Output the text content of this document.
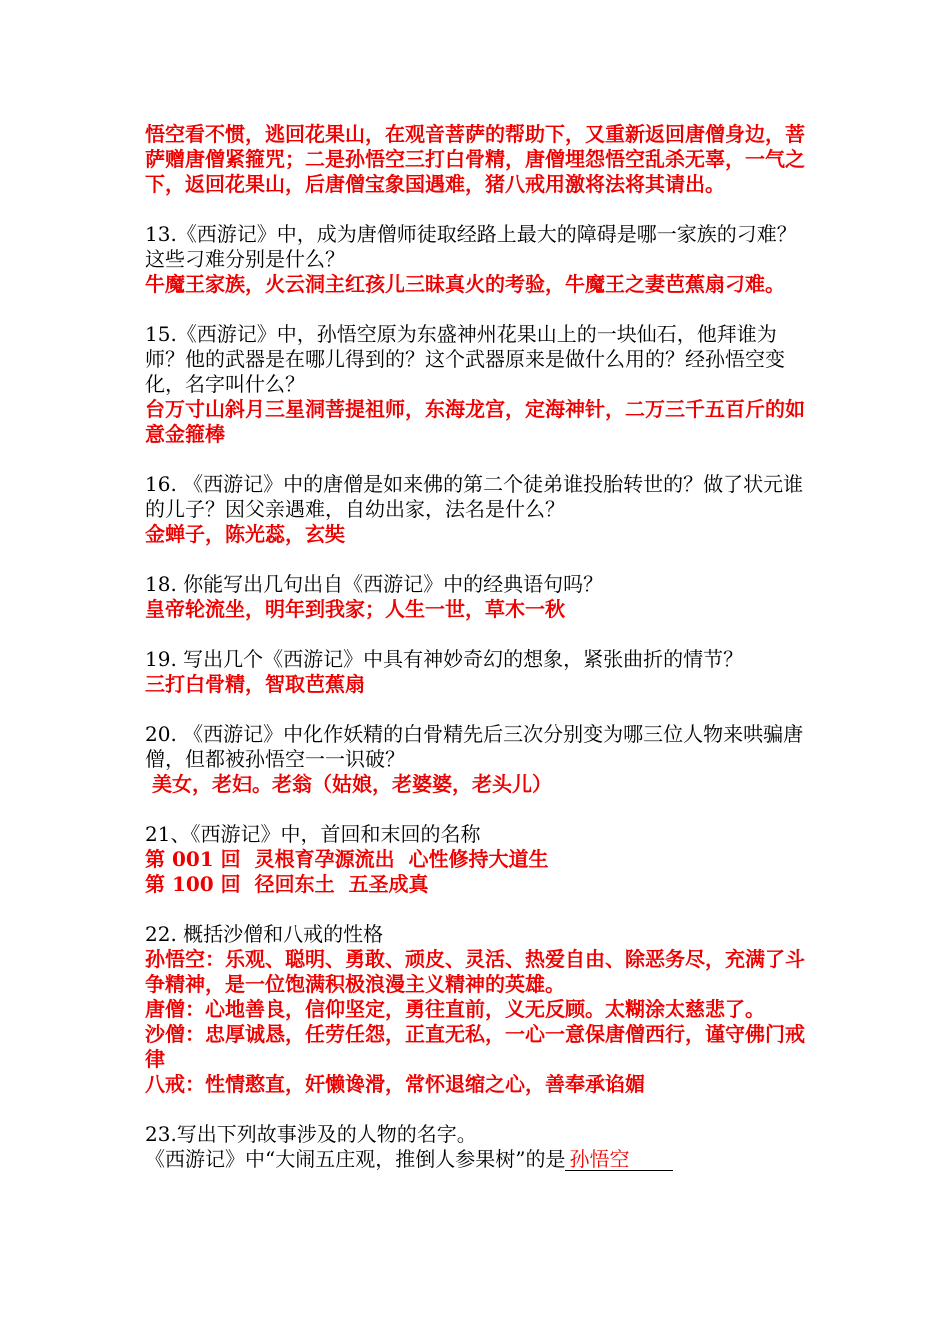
悟空看不惯，逃回花果山，在观音菩萨的帮助下，又重新返回唐僧身边，菩萨赠唐僧紧箍咒；二是孙悟空三打白骨精，唐僧埋怨悟空乱杀无辜，一气之下，返回花果山，后唐僧宝象国遇难，猪八戒用激将法将其请出。
13.《西游记》中，成为唐僧师徒取经路上最大的障碍是哪一家族的刁难？这些刁难分别是什么？
牛魔王家族，火云洞主红孩儿三昧真火的考验，牛魔王之妻芭蕉扇刁难。
15.《西游记》中，孙悟空原为东盛神州花果山上的一块仙石，他拜谁为师？他的武器是在哪儿得到的？这个武器原来是做什么用的？经孙悟空变化，名字叫什么？
台万寸山斜月三星洞菩提祖师，东海龙宫，定海神针，二万三千五百斤的如意金箍棒
16. 《西游记》中的唐僧是如来佛的第二个徒弟谁投胎转世的？做了状元谁的儿子？因父亲遇难，自幼出家，法名是什么？
金蝉子，陈光蕊，玄奘
18. 你能写出几句出自《西游记》中的经典语句吗？
皇帝轮流坐，明年到我家；人生一世，草木一秋
19. 写出几个《西游记》中具有神妙奇幻的想象，紧张曲折的情节？
三打白骨精，智取芭蕉扇
20. 《西游记》中化作妖精的白骨精先后三次分别变为哪三位人物来哄骗唐僧，但都被孙悟空一一识破？
美女，老妇。老翁（姑娘，老婆婆，老头儿）
21、《西游记》中，首回和末回的名称
第 001 回  灵根育孕源流出  心性修持大道生
第 100 回  径回东土  五圣成真
22. 概括沙僧和八戒的性格
孙悟空：乐观、聪明、勇敢、顽皮、灵活、热爱自由、除恶务尽，充满了斗争精神，是一位饱满积极浪漫主义精神的英雄。
唐僧：心地善良，信仰坚定，勇往直前，义无反顾。太糊涂太慈悲了。
沙僧：忠厚诚恳，任劳任怨，正直无私，一心一意保唐僧西行，谨守佛门戒律
八戒：性情憨直，奸懒谗滑，常怀退缩之心，善奉承谄媚
23.写出下列故事涉及的人物的名字。
《西游记》中“大闹五庄观，推倒人参果树”的是 孙悟空
